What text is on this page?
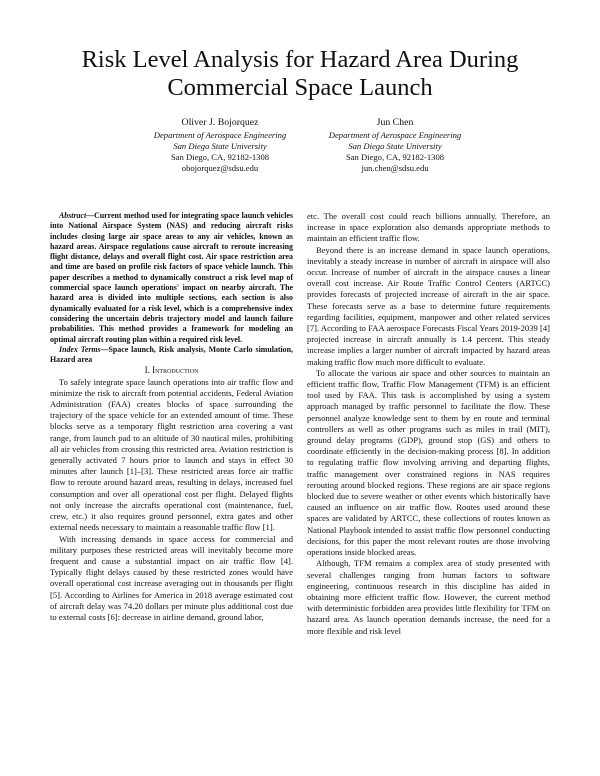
Risk Level Analysis for Hazard Area During Commercial Space Launch
Oliver J. Bojorquez
Department of Aerospace Engineering
San Diego State University
San Diego, CA, 92182-1308
obojorquez@sdsu.edu
Jun Chen
Department of Aerospace Engineering
San Diego State University
San Diego, CA, 92182-1308
jun.chen@sdsu.edu

Abstract—Current method used for integrating space launch vehicles into National Airspace System (NAS) and reducing aircraft risks includes closing large air space areas to any air vehicles, known as hazard areas. Airspace regulations cause aircraft to reroute increasing flight distance, delays and overall flight cost. Air space restriction area and time are based on profile risk factors of space vehicle launch. This paper describes a method to dynamically construct a risk level map of commercial space launch operations' impact on nearby aircraft. The hazard area is divided into multiple sections, each section is also dynamically evaluated for a risk level, which is a comprehensive index considering the uncertain debris trajectory model and launch failure probabilities. This method provides a framework for modeling an optimal aircraft routing plan within a required risk level.

Index Terms—Space launch, Risk analysis, Monte Carlo simulation, Hazard area

I. Introduction

To safely integrate space launch operations into air traffic flow and minimize the risk to aircraft from potential accidents, Federal Aviation Administration (FAA) creates blocks of space surrounding the trajectory of the space vehicle for an extended amount of time. These blocks serve as a temporary flight restriction area covering a vast range, from launch pad to an altitude of 30 nautical miles, prohibiting all air vehicles from crossing this restricted area. Aviation restriction is generally activated 7 hours prior to launch and stays in effect 30 minutes after launch [1]–[3]. These restricted areas force air traffic flow to reroute around hazard areas, resulting in delays, increased fuel consumption and over all operational cost per flight. Delayed flights not only increase the aircrafts operational cost (maintenance, fuel, crew, etc.) it also requires ground personnel, extra gates and other external needs necessary to maintain a reasonable traffic flow [1].

With increasing demands in space access for commercial and military purposes these restricted areas will inevitably become more frequent and cause a substantial impact on air traffic flow [4]. Typically flight delays caused by these restricted zones would have overall operational cost increase averaging out in thousands per flight [5]. According to Airlines for America in 2018 average estimated cost of aircraft delay was 74.20 dollars per minute plus additional cost due to external costs [6]: decrease in airline demand, ground labor,

etc. The overall cost could reach billions annually. Therefore, an increase in space exploration also demands appropriate methods to maintain an efficient traffic flow.

Beyond there is an increase demand in space launch operations, inevitably a steady increase in number of aircraft in airspace will also occur. Increase of number of aircraft in the airspace causes a linear overall cost increase. Air Route Traffic Control Centers (ARTCC) provides forecasts of projected increase of aircraft in the air space. These forecasts serve as a base to determine future requirements regarding facilities, equipment, manpower and other related services [7]. According to FAA aerospace Forecasts Fiscal Years 2019-2039 [4] projected increase in aircraft annually is 1.4 percent. This steady increase implies a larger number of aircraft impacted by hazard areas making traffic flow much more difficult to evaluate.

To allocate the various air space and other sources to maintain an efficient traffic flow, Traffic Flow Management (TFM) is an efficient tool used by FAA. This task is accomplished by using a system approach managed by traffic personnel to facilitate the flow. These personnel analyze knowledge sent to them by en route and terminal controllers as well as other programs such as miles in trail (MIT), ground delay programs (GDP), ground stop (GS) and others to coordinate efficiently in the decision-making process [8]. In addition to regulating traffic flow involving arriving and departing flights, traffic management over constrained regions in NAS requires rerouting around blocked regions. These regions are air space regions blocked due to severe weather or other events which historically have caused an influence on air traffic flow. Routes used around these spaces are validated by ARTCC, these collections of routes known as National Playbook intended to assist traffic flow personnel conducting decisions, for this paper the most relevant routes are those involving operations inside blocked areas.

Although, TFM remains a complex area of study presented with several challenges ranging from human factors to software engineering, continuous research in this discipline has aided in obtaining more efficient traffic flow. However, the current method with deterministic forbidden area provides little flexibility for TFM on hazard area. As launch operation demands increase, the need for a more flexible and risk level
